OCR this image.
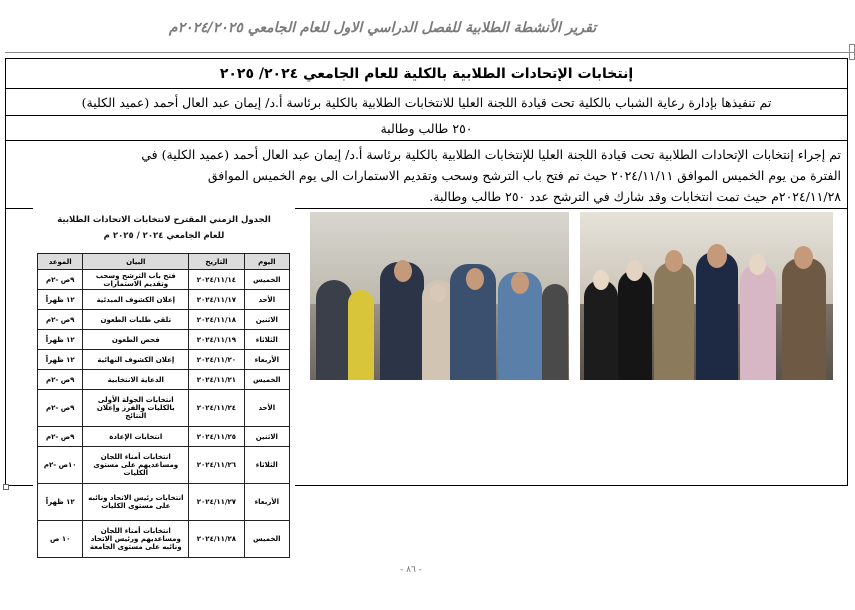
تقرير الأنشطة الطلابية للفصل الدراسي الاول للعام الجامعي ٢٠٢٤/٢٠٢٥م
إنتخابات الإتحادات الطلابية بالكلية للعام الجامعي ٢٠٢٤/ ٢٠٢٥
تم تنفيذها بإدارة رعاية الشباب بالكلية تحت قيادة اللجنة العليا للانتخابات الطلابية بالكلية برئاسة أ.د/ إيمان عبد العال أحمد (عميد الكلية)
٢٥٠ طالب وطالبة
تم إجراء إنتخابات الإتحادات الطلابية تحت قيادة اللجنة العليا للإنتخابات الطلابية بالكلية برئاسة أ.د/ إيمان عبد العال أحمد (عميد الكلية) في
الفترة من يوم الخميس الموافق ٢٠٢٤/١١/١١ حيث تم فتح باب الترشح وسحب وتقديم الاستمارات الى يوم الخميس الموافق
٢٠٢٤/١١/٢٨م حيث تمت انتخابات وقد شارك في الترشح عدد ٢٥٠ طالب وطالبة.
الجدول الزمني المقترح لانتخابات الاتحادات الطلابية
للعام الجامعي ٢٠٢٤ / ٢٠٢٥ م
اليوم	التاريخ	البيان	الموعد
الخميس	٢٠٢٤/١١/١٤	فتح باب الترشح وسحب وتقديم الاستمارات	٩ص -٢م
الأحد	٢٠٢٤/١١/١٧	إعلان الكشوف المبدئية	١٢ ظهراً
الاثنين	٢٠٢٤/١١/١٨	تلقي طلبات الطعون	٩ص -٢م
الثلاثاء	٢٠٢٤/١١/١٩	فحص الطعون	١٢ ظهراً
الأربعاء	٢٠٢٤/١١/٢٠	إعلان الكشوف النهائية	١٢ ظهراً
الخميس	٢٠٢٤/١١/٢١	الدعاية الانتخابية	٩ص -٢م
الأحد	٢٠٢٤/١١/٢٤	انتخابات الجولة الأولى بالكليات والفرز وإعلان النتائج	٩ص -٢م
الاثنين	٢٠٢٤/١١/٢٥	انتخابات الإعادة	٩ص -٢م
الثلاثاء	٢٠٢٤/١١/٢٦	انتخابات أمناء اللجان ومساعديهم على مستوى الكليات	١٠ص -٢م
الأربعاء	٢٠٢٤/١١/٢٧	انتخابات رئيس الاتحاد ونائبه على مستوى الكليات	١٢ ظهراً
الخميس	٢٠٢٤/١١/٢٨	انتخابات أمناء اللجان ومساعديهم ورئيس الاتحاد ونائبه على مستوى الجامعة	١٠ ص
- ٨٦ -
